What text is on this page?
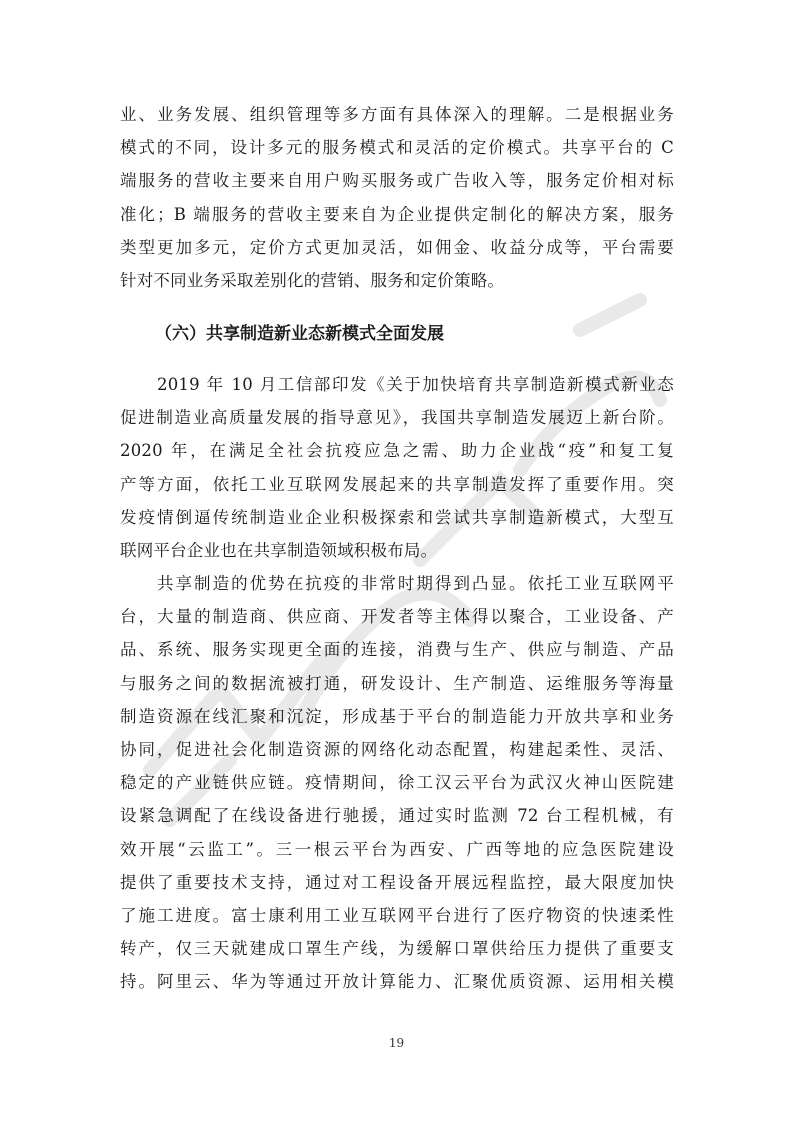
业、业务发展、组织管理等多方面有具体深入的理解。二是根据业务
模式的不同，设计多元的服务模式和灵活的定价模式。共享平台的 C
端服务的营收主要来自用户购买服务或广告收入等，服务定价相对标
准化；B 端服务的营收主要来自为企业提供定制化的解决方案，服务
类型更加多元，定价方式更加灵活，如佣金、收益分成等，平台需要
针对不同业务采取差别化的营销、服务和定价策略。
（六）共享制造新业态新模式全面发展
2019 年 10 月工信部印发《关于加快培育共享制造新模式新业态
促进制造业高质量发展的指导意见》，我国共享制造发展迈上新台阶。
2020 年，在满足全社会抗疫应急之需、助力企业战“疫”和复工复
产等方面，依托工业互联网发展起来的共享制造发挥了重要作用。突
发疫情倒逼传统制造业企业积极探索和尝试共享制造新模式，大型互
联网平台企业也在共享制造领域积极布局。
共享制造的优势在抗疫的非常时期得到凸显。依托工业互联网平
台，大量的制造商、供应商、开发者等主体得以聚合，工业设备、产
品、系统、服务实现更全面的连接，消费与生产、供应与制造、产品
与服务之间的数据流被打通，研发设计、生产制造、运维服务等海量
制造资源在线汇聚和沉淀，形成基于平台的制造能力开放共享和业务
协同，促进社会化制造资源的网络化动态配置，构建起柔性、灵活、
稳定的产业链供应链。疫情期间，徐工汉云平台为武汉火神山医院建
设紧急调配了在线设备进行驰援，通过实时监测 72 台工程机械，有
效开展“云监工”。三一根云平台为西安、广西等地的应急医院建设
提供了重要技术支持，通过对工程设备开展远程监控，最大限度加快
了施工进度。富士康利用工业互联网平台进行了医疗物资的快速柔性
转产，仅三天就建成口罩生产线，为缓解口罩供给压力提供了重要支
持。阿里云、华为等通过开放计算能力、汇聚优质资源、运用相关模
19
